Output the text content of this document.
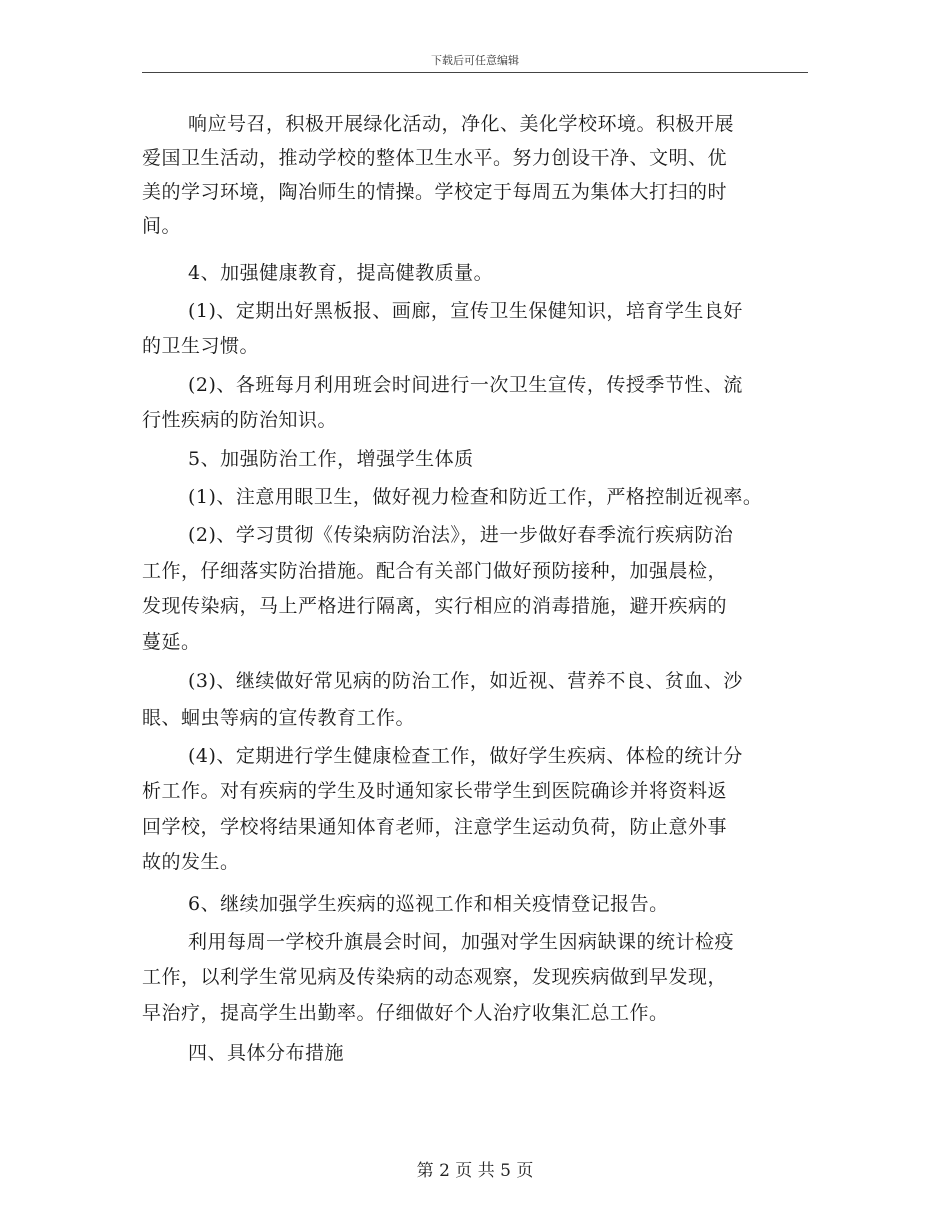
下载后可任意编辑
响应号召，积极开展绿化活动，净化、美化学校环境。积极开展
爱国卫生活动，推动学校的整体卫生水平。努力创设干净、文明、优
美的学习环境，陶冶师生的情操。学校定于每周五为集体大打扫的时
间。
4、加强健康教育，提高健教质量。
(1)、定期出好黑板报、画廊，宣传卫生保健知识，培育学生良好
的卫生习惯。
(2)、各班每月利用班会时间进行一次卫生宣传，传授季节性、流
行性疾病的防治知识。
5、加强防治工作，增强学生体质
(1)、注意用眼卫生，做好视力检查和防近工作，严格控制近视率。
(2)、学习贯彻《传染病防治法》，进一步做好春季流行疾病防治
工作，仔细落实防治措施。配合有关部门做好预防接种，加强晨检，
发现传染病，马上严格进行隔离，实行相应的消毒措施，避开疾病的
蔓延。
(3)、继续做好常见病的防治工作，如近视、营养不良、贫血、沙
眼、蛔虫等病的宣传教育工作。
(4)、定期进行学生健康检查工作，做好学生疾病、体检的统计分
析工作。对有疾病的学生及时通知家长带学生到医院确诊并将资料返
回学校，学校将结果通知体育老师，注意学生运动负荷，防止意外事
故的发生。
6、继续加强学生疾病的巡视工作和相关疫情登记报告。
利用每周一学校升旗晨会时间，加强对学生因病缺课的统计检疫
工作，以利学生常见病及传染病的动态观察，发现疾病做到早发现，
早治疗，提高学生出勤率。仔细做好个人治疗收集汇总工作。
四、具体分布措施
第 2 页 共 5 页
